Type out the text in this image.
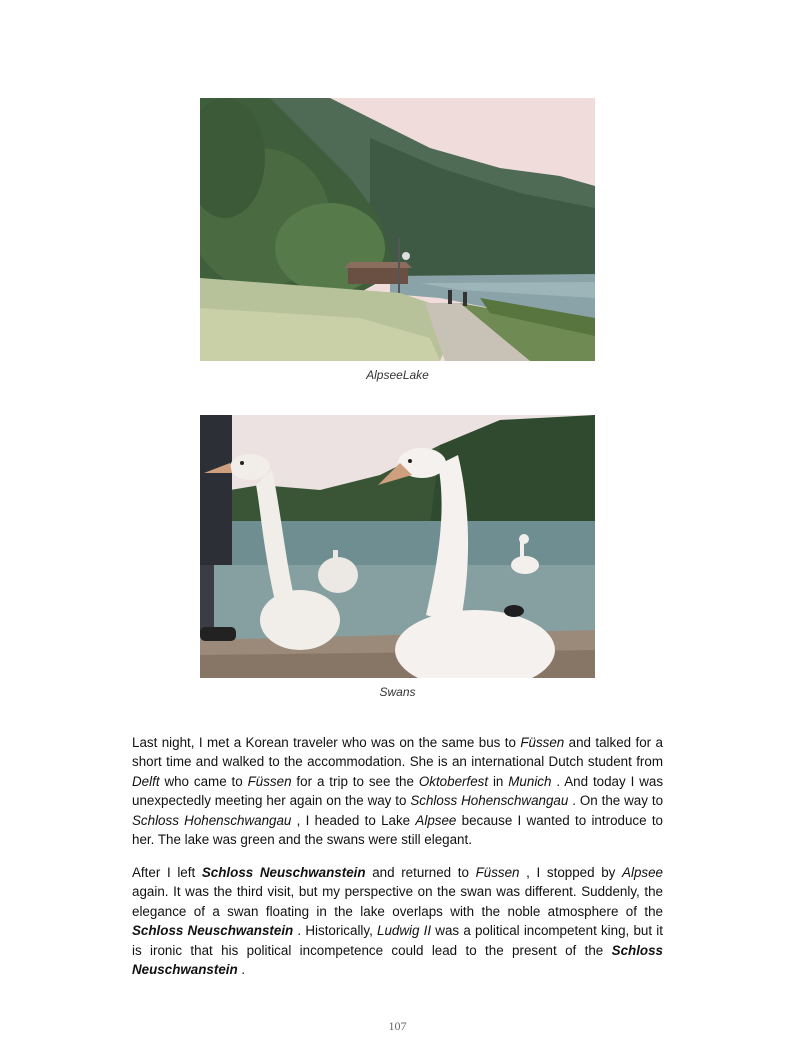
AlpseeLake
Swans

Last night, I met a Korean traveler who was on the same bus to Füssen and talked for a short time and walked to the accommodation. She is an international Dutch student from Delft who came to Füssen for a trip to see the Oktoberfest in Munich . And today I was unexpectedly meeting her again on the way to Schloss Hohenschwangau . On the way to Schloss Hohenschwangau , I headed to Lake Alpsee because I wanted to introduce to her. The lake was green and the swans were still elegant.

After I left Schloss Neuschwanstein and returned to Füssen , I stopped by Alpsee again. It was the third visit, but my perspective on the swan was different. Suddenly, the elegance of a swan floating in the lake overlaps with the noble atmosphere of the Schloss Neuschwanstein . Historically, Ludwig II was a political incompetent king, but it is ironic that his political incompetence could lead to the present of the Schloss Neuschwanstein .

107
